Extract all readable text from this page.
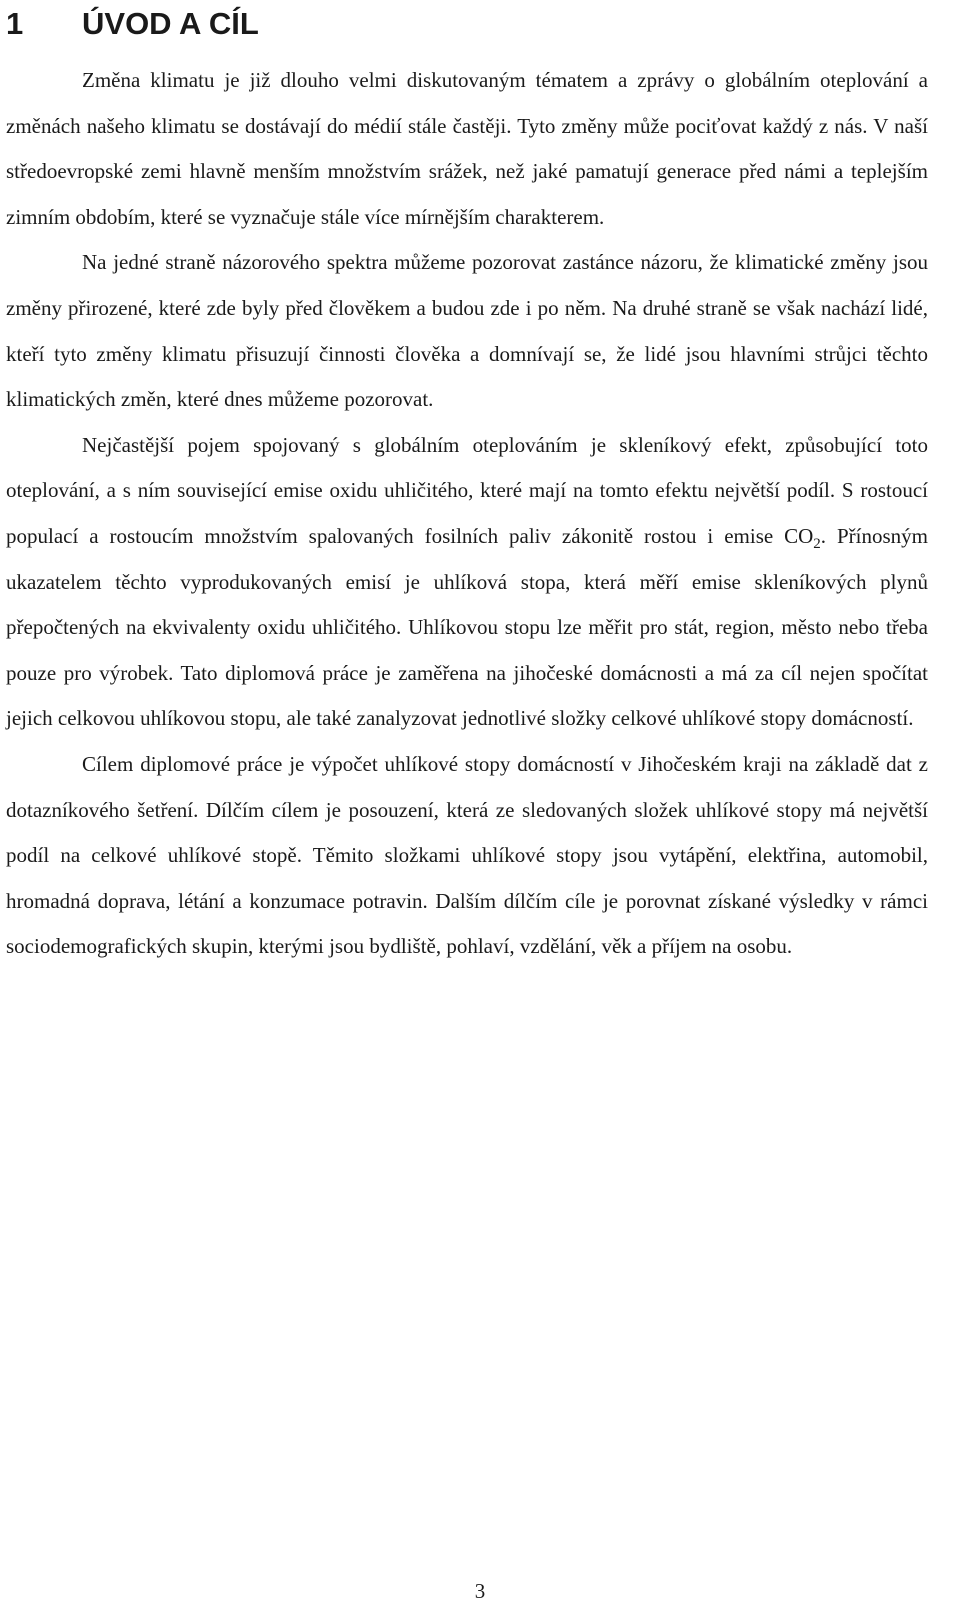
1 ÚVOD A CÍL

Změna klimatu je již dlouho velmi diskutovaným tématem a zprávy o globálním oteplování a změnách našeho klimatu se dostávají do médií stále častěji. Tyto změny může pociťovat každý z nás. V naší středoevropské zemi hlavně menším množstvím srážek, než jaké pamatují generace před námi a teplejším zimním obdobím, které se vyznačuje stále více mírnějším charakterem.

Na jedné straně názorového spektra můžeme pozorovat zastánce názoru, že klimatické změny jsou změny přirozené, které zde byly před člověkem a budou zde i po něm. Na druhé straně se však nachází lidé, kteří tyto změny klimatu přisuzují činnosti člověka a domnívají se, že lidé jsou hlavními strůjci těchto klimatických změn, které dnes můžeme pozorovat.

Nejčastější pojem spojovaný s globálním oteplováním je skleníkový efekt, způsobující toto oteplování, a s ním související emise oxidu uhličitého, které mají na tomto efektu největší podíl. S rostoucí populací a rostoucím množstvím spalovaných fosilních paliv zákonitě rostou i emise $CO_2$. Přínosným ukazatelem těchto vyprodukovaných emisí je uhlíková stopa, která měří emise skleníkových plynů přepočtených na ekvivalenty oxidu uhličitého. Uhlíkovou stopu lze měřit pro stát, region, město nebo třeba pouze pro výrobek. Tato diplomová práce je zaměřena na jihočeské domácnosti a má za cíl nejen spočítat jejich celkovou uhlíkovou stopu, ale také zanalyzovat jednotlivé složky celkové uhlíkové stopy domácností.

Cílem diplomové práce je výpočet uhlíkové stopy domácností v Jihočeském kraji na základě dat z dotazníkového šetření. Dílčím cílem je posouzení, která ze sledovaných složek uhlíkové stopy má největší podíl na celkové uhlíkové stopě. Těmito složkami uhlíkové stopy jsou vytápění, elektřina, automobil, hromadná doprava, létání a konzumace potravin. Dalším dílčím cíle je porovnat získané výsledky v rámci sociodemografických skupin, kterými jsou bydliště, pohlaví, vzdělání, věk a příjem na osobu.

3
